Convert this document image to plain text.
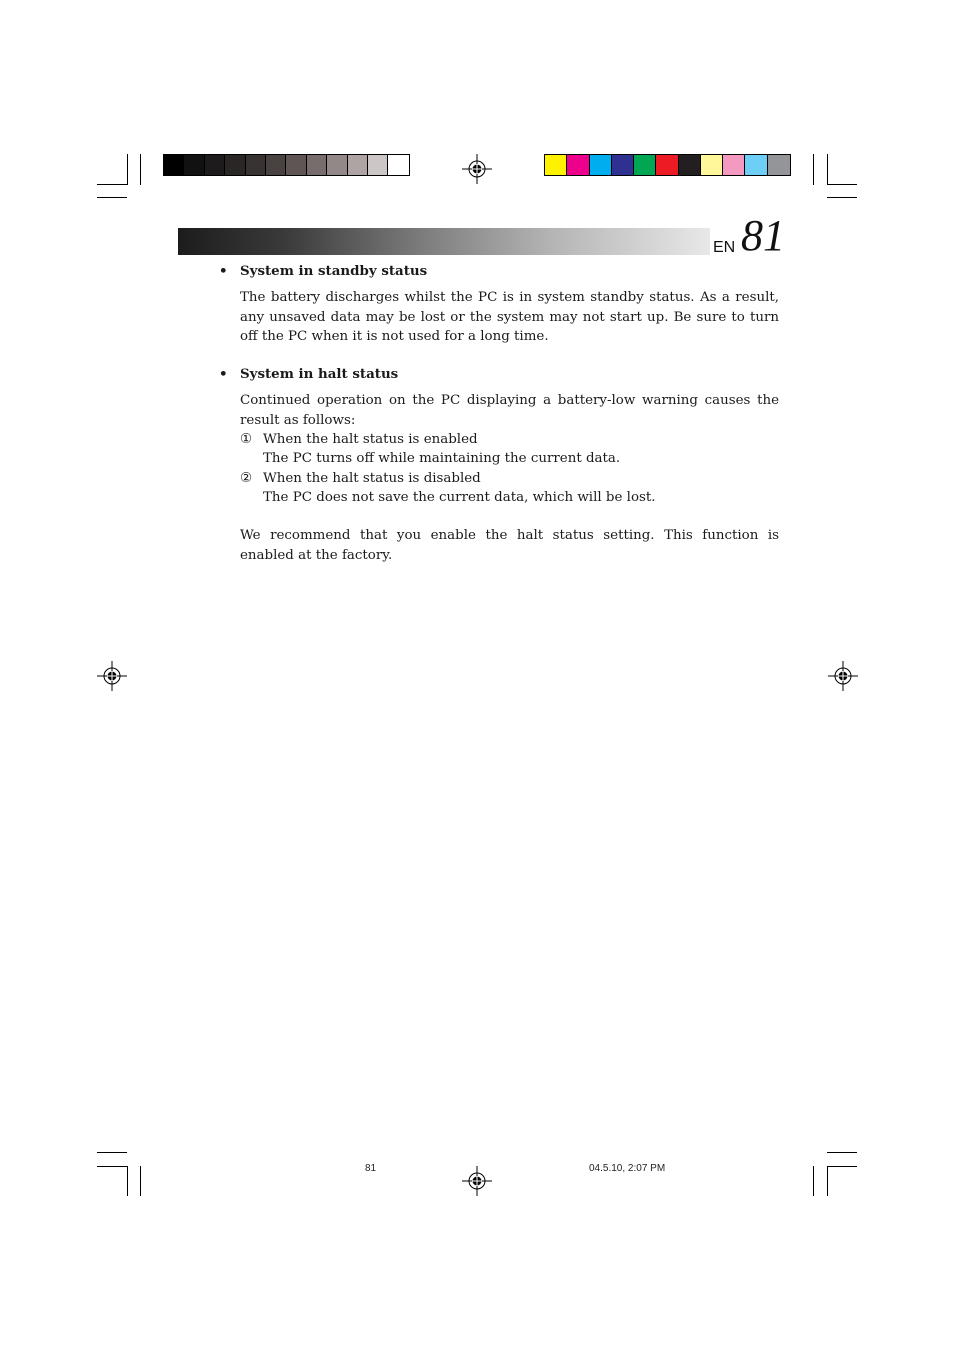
EN 81

• System in standby status

The battery discharges whilst the PC is in system standby status. As a result, any unsaved data may be lost or the system may not start up. Be sure to turn off the PC when it is not used for a long time.

• System in halt status

Continued operation on the PC displaying a battery-low warning causes the result as follows:

① When the halt status is enabled
The PC turns off while maintaining the current data.
② When the halt status is disabled
The PC does not save the current data, which will be lost.

We recommend that you enable the halt status setting. This function is enabled at the factory.

81	04.5.10, 2:07 PM
